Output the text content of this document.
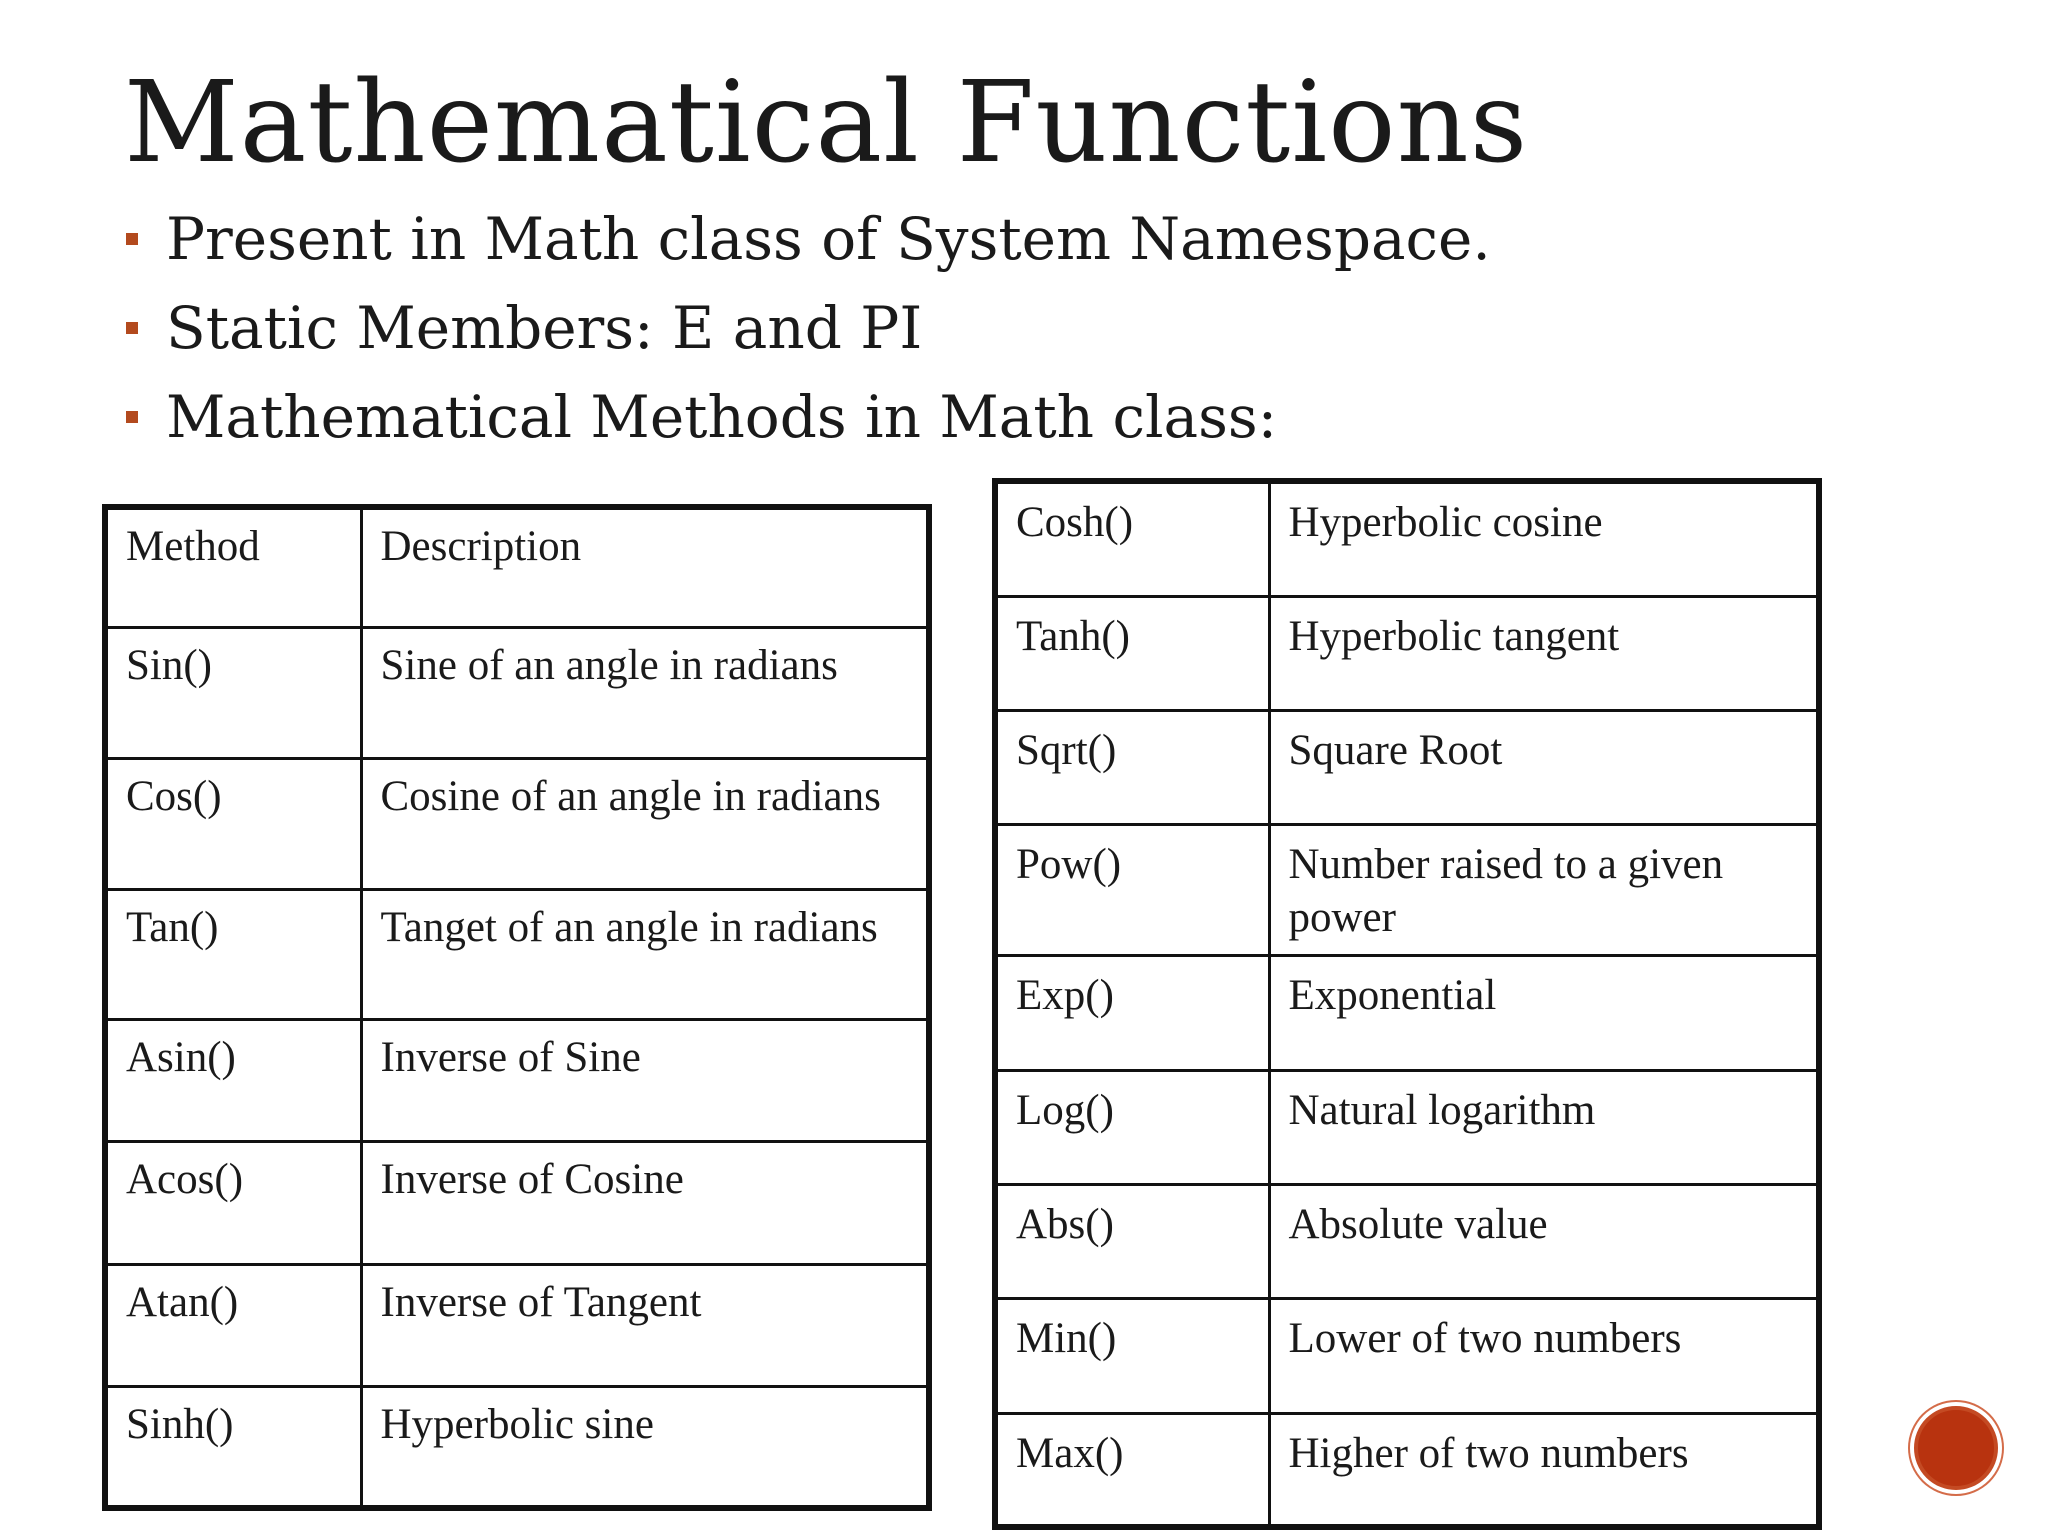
Mathematical Functions
Present in Math class of System Namespace.
Static Members: E and PI
Mathematical Methods in Math class:
Method	Description
Sin()	Sine of an angle in radians
Cos()	Cosine of an angle in radians
Tan()	Tanget of an angle in radians
Asin()	Inverse of Sine
Acos()	Inverse of Cosine
Atan()	Inverse of Tangent
Sinh()	Hyperbolic sine
Cosh()	Hyperbolic cosine
Tanh()	Hyperbolic tangent
Sqrt()	Square Root
Pow()	Number raised to a given power
Exp()	Exponential
Log()	Natural logarithm
Abs()	Absolute value
Min()	Lower of two numbers
Max()	Higher of two numbers
